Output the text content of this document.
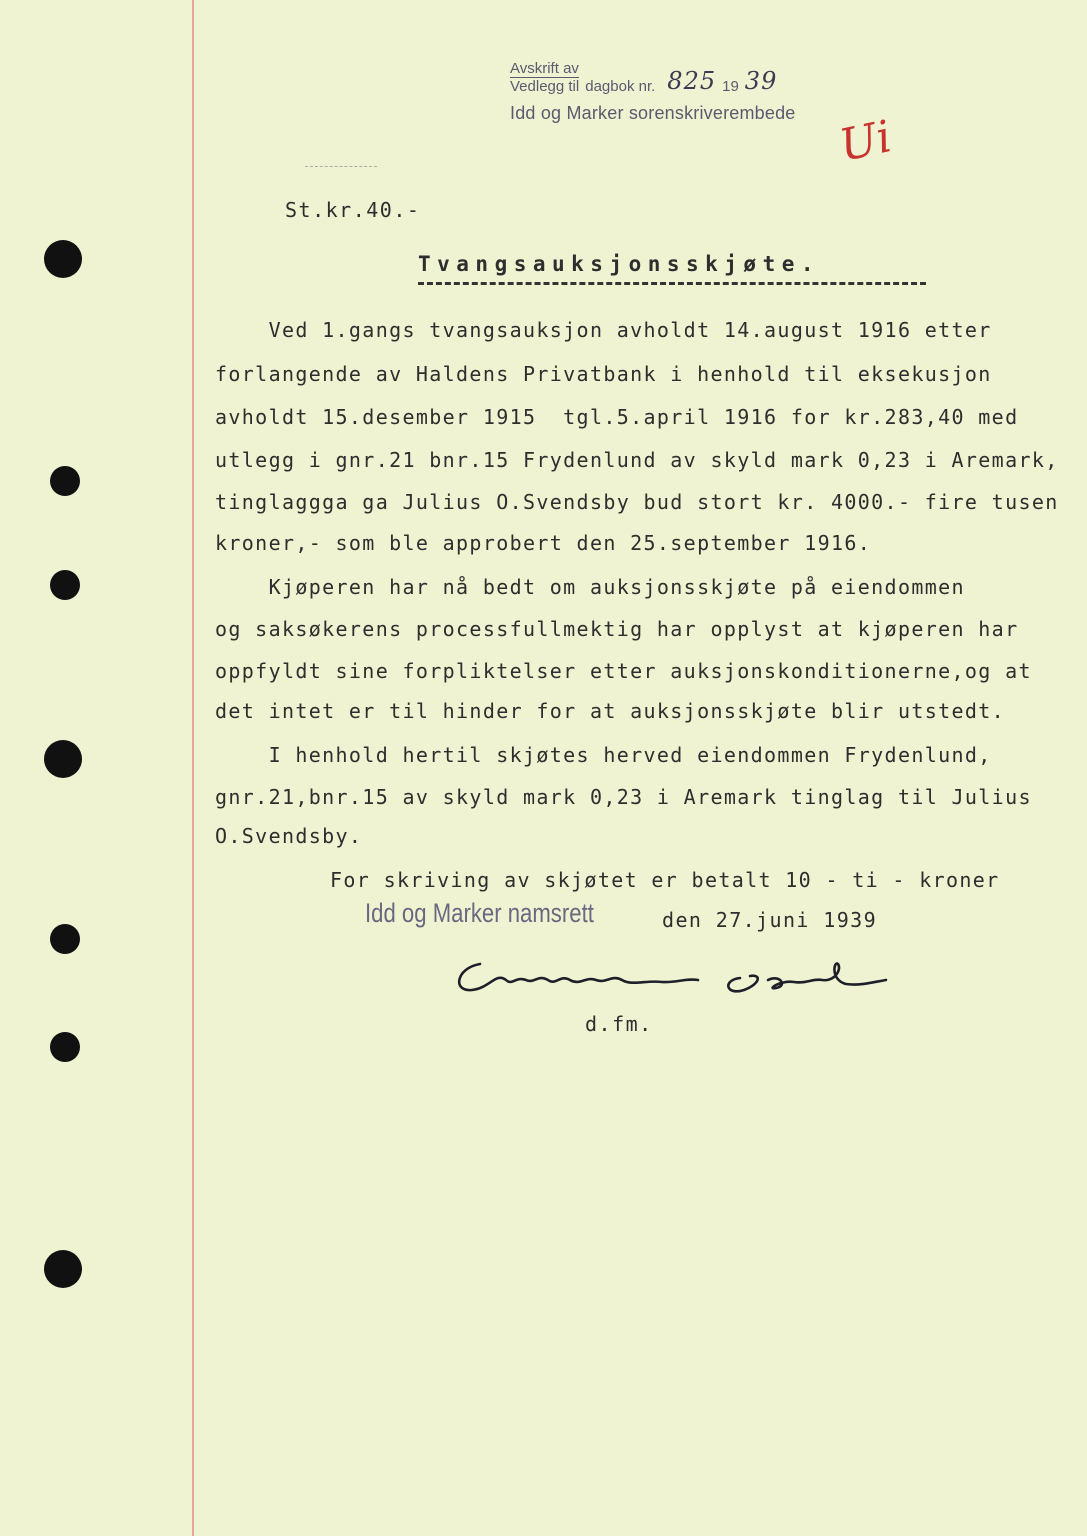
Avskrift av
Vedlegg til dagbok nr. 825 19 39
Idd og Marker sorenskriverembede Ui
St.kr.40.-
Tvangsauksjonsskjøte.
Ved 1.gangs tvangsauksjon avholdt 14.august 1916 etter
forlangende av Haldens Privatbank i henhold til eksekusjon
avholdt 15.desember 1915  tgl.5.april 1916 for kr.283,40 med
utlegg i gnr.21 bnr.15 Frydenlund av skyld mark 0,23 i Aremark,
tinglaggga ga Julius O.Svendsby bud stort kr. 4000.- fire tusen
kroner,- som ble approbert den 25.september 1916.
Kjøperen har nå bedt om auksjonsskjøte på eiendommen
og saksøkerens processfullmektig har opplyst at kjøperen har
oppfyldt sine forpliktelser etter auksjonskonditionerne,og at
det intet er til hinder for at auksjonsskjøte blir utstedt.
I henhold hertil skjøtes herved eiendommen Frydenlund,
gnr.21,bnr.15 av skyld mark 0,23 i Aremark tinglag til Julius
O.Svendsby.
For skriving av skjøtet er betalt 10 - ti - kroner
Idd og Marker namsrett	den 27.juni 1939
d.fm.
